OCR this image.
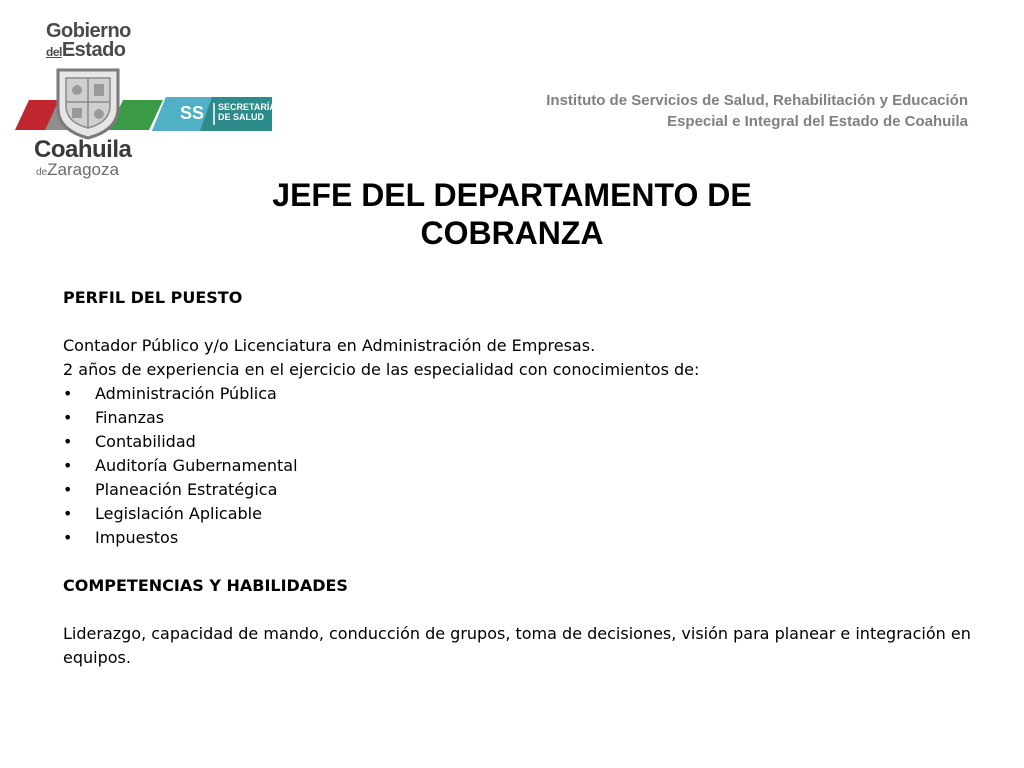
Gobierno
delEstado
Coahuila
deZaragoza
SS SECRETARÍA
DE SALUD
Instituto de Servicios de Salud, Rehabilitación y Educación
Especial e Integral del Estado de Coahuila
JEFE DEL DEPARTAMENTO DE
COBRANZA

PERFIL DEL PUESTO

Contador Público y/o Licenciatura en Administración de Empresas.

2 años de experiencia en el ejercicio de las especialidad con conocimientos de:

• Administración Pública
• Finanzas
• Contabilidad
• Auditoría Gubernamental
• Planeación Estratégica
• Legislación Aplicable
• Impuestos

COMPETENCIAS Y HABILIDADES

Liderazgo, capacidad de mando, conducción de grupos, toma de decisiones, visión para planear e integración en equipos.
